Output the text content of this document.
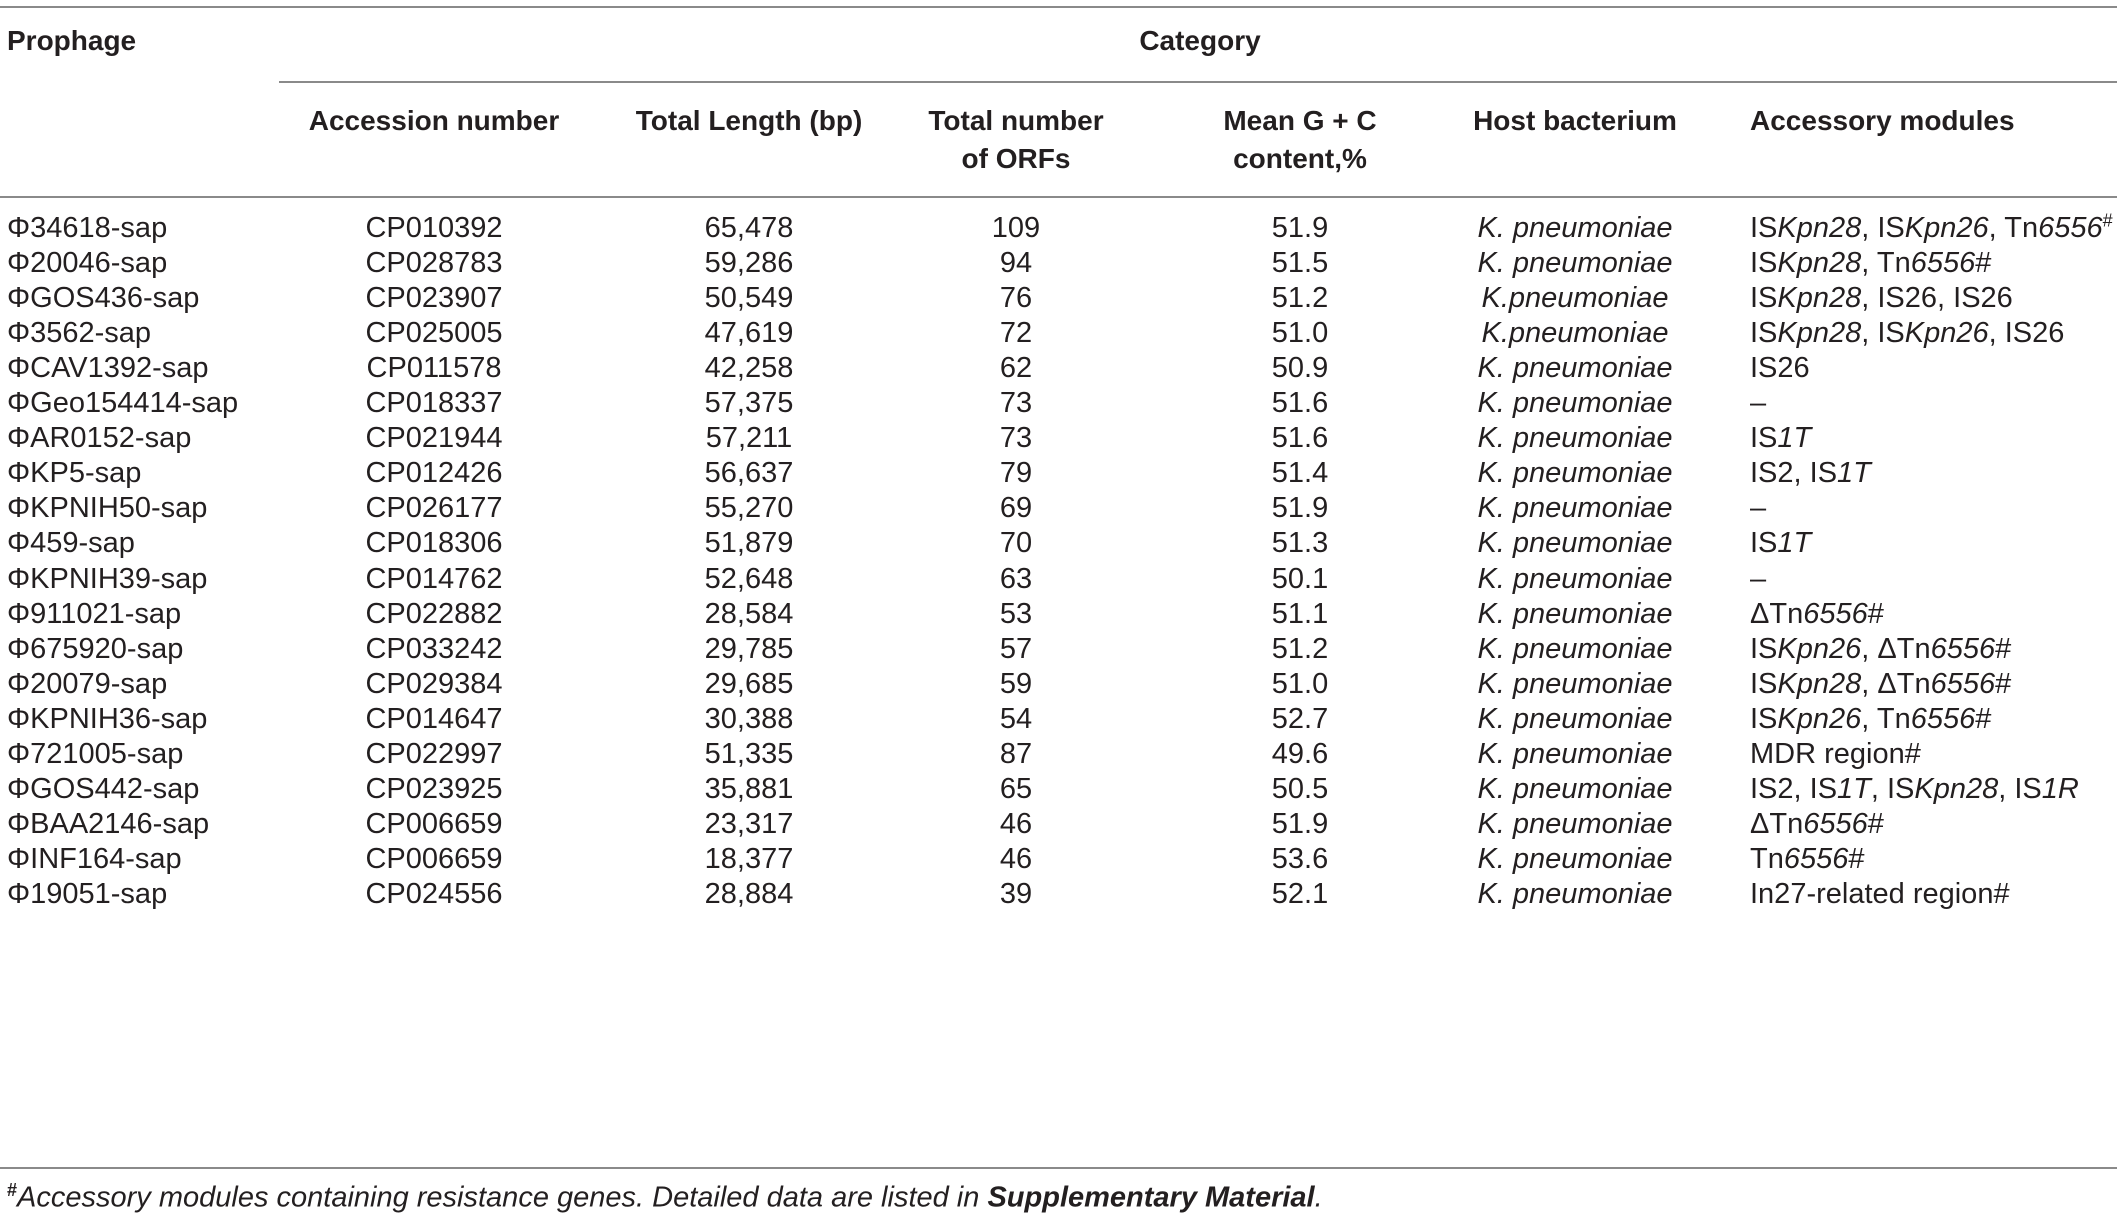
Prophage	Category
Accession number	Total Length (bp)	Total number
of ORFs
Mean G + C
content,%
Host bacterium	Accessory modules
Φ34618-sap	CP010392	65,478	109	51.9	K. pneumoniae	ISKpn28, ISKpn26, Tn6556#
Φ20046-sap	CP028783	59,286	94	51.5	K. pneumoniae	ISKpn28, Tn6556#
ΦGOS436-sap	CP023907	50,549	76	51.2	K.pneumoniae	ISKpn28, IS26, IS26
Φ3562-sap	CP025005	47,619	72	51.0	K.pneumoniae	ISKpn28, ISKpn26, IS26
ΦCAV1392-sap	CP011578	42,258	62	50.9	K. pneumoniae	IS26
ΦGeo154414-sap	CP018337	57,375	73	51.6	K. pneumoniae	–
ΦAR0152-sap	CP021944	57,211	73	51.6	K. pneumoniae	IS1T
ΦKP5-sap	CP012426	56,637	79	51.4	K. pneumoniae	IS2, IS1T
ΦKPNIH50-sap	CP026177	55,270	69	51.9	K. pneumoniae	–
Φ459-sap	CP018306	51,879	70	51.3	K. pneumoniae	IS1T
ΦKPNIH39-sap	CP014762	52,648	63	50.1	K. pneumoniae	–
Φ911021-sap	CP022882	28,584	53	51.1	K. pneumoniae	ΔTn6556#
Φ675920-sap	CP033242	29,785	57	51.2	K. pneumoniae	ISKpn26, ΔTn6556#
Φ20079-sap	CP029384	29,685	59	51.0	K. pneumoniae	ISKpn28, ΔTn6556#
ΦKPNIH36-sap	CP014647	30,388	54	52.7	K. pneumoniae	ISKpn26, Tn6556#
Φ721005-sap	CP022997	51,335	87	49.6	K. pneumoniae	MDR region#
ΦGOS442-sap	CP023925	35,881	65	50.5	K. pneumoniae	IS2, IS1T, ISKpn28, IS1R
ΦBAA2146-sap	CP006659	23,317	46	51.9	K. pneumoniae	ΔTn6556#
ΦINF164-sap	CP006659	18,377	46	53.6	K. pneumoniae	Tn6556#
Φ19051-sap	CP024556	28,884	39	52.1	K. pneumoniae	In27-related region#
#Accessory modules containing resistance genes. Detailed data are listed in Supplementary Material.
